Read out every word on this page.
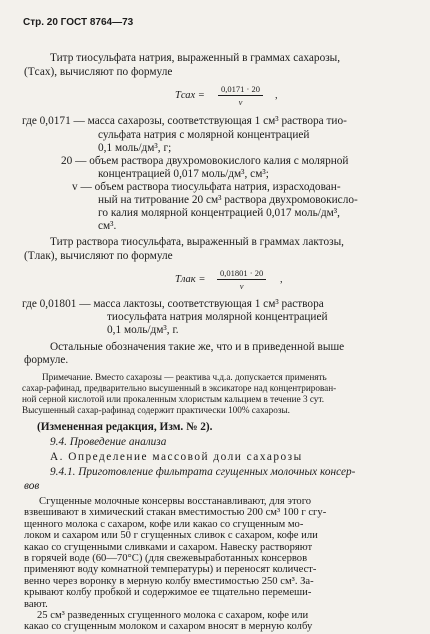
Стр. 20 ГОСТ 8764—73
Титр тиосульфата натрия, выраженный в граммах сахарозы,
(Tсах), вычисляют по формуле
Tсах = $\frac{0,0171 \cdot 20}{v}$ ,
где 0,0171 — масса сахарозы, соответствующая 1 см³ раствора тио-
сульфата натрия с молярной концентрацией
0,1 моль/дм³, г;
20 — объем раствора двухромовокислого калия с молярной
концентрацией 0,017 моль/дм³, см³;
v — объем раствора тиосульфата натрия, израсходован-
ный на титрование 20 см³ раствора двухромовокисло-
го калия молярной концентрацией 0,017 моль/дм³,
см³.
Титр раствора тиосульфата, выраженный в граммах лактозы,
(Tлак), вычисляют по формуле
Tлак = $\frac{0,01801 \cdot 20}{v}$ ,
где 0,01801 — масса лактозы, соответствующая 1 см³ раствора
тиосульфата натрия молярной концентрацией
0,1 моль/дм³, г.
Остальные обозначения такие же, что и в приведенной выше
формуле.
Примечание. Вместо сахарозы — реактива ч.д.а. допускается применять
сахар-рафинад, предварительно высушенный в эксикаторе над концентрирован-
ной серной кислотой или прокаленным хлористым кальцием в течение 3 сут.
Высушенный сахар-рафинад содержит практически 100% сахарозы.
(Измененная редакция, Изм. № 2).
9.4. Проведение анализа
А. Определение массовой доли сахарозы
9.4.1. Приготовление фильтрата сгущенных молочных консер-
вов
Сгущенные молочные консервы восстанавливают, для этого
взвешивают в химический стакан вместимостью 200 см³ 100 г сгу-
щенного молока с сахаром, кофе или какао со сгущенным мо-
локом и сахаром или 50 г сгущенных сливок с сахаром, кофе или
какао со сгущенными сливками и сахаром. Навеску растворяют
в горячей воде (60—70°С) (для свежевыработанных консервов
применяют воду комнатной температуры) и переносят количест-
венно через воронку в мерную колбу вместимостью 250 см³. За-
крывают колбу пробкой и содержимое ее тщательно перемеши-
вают.
25 см³ разведенных сгущенного молока с сахаром, кофе или
какао со сгущенным молоком и сахаром вносят в мерную колбу
